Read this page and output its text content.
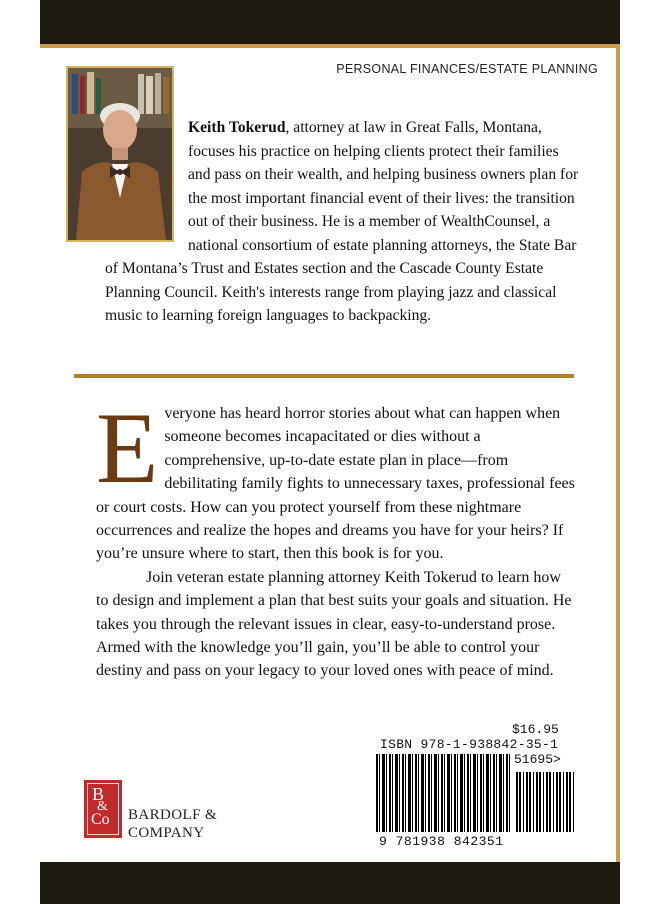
PERSONAL FINANCES/ESTATE PLANNING

Keith Tokerud, attorney at law in Great Falls, Montana, focuses his practice on helping clients protect their families and pass on their wealth, and helping business owners plan for the most important financial event of their lives: the transition out of their business. He is a member of WealthCounsel, a national consortium of estate planning attorneys, the State Bar of Montana’s Trust and Estates section and the Cascade County Estate Planning Council. Keith's interests range from playing jazz and classical music to learning foreign languages to backpacking.

E veryone has heard horror stories about what can happen when someone becomes incapacitated or dies without a comprehensive, up-to-date estate plan in place—from debilitating family fights to unnecessary taxes, professional fees or court costs. How can you protect yourself from these nightmare occurrences and realize the hopes and dreams you have for your heirs? If you’re unsure where to start, then this book is for you.

Join veteran estate planning attorney Keith Tokerud to learn how to design and implement a plan that best suits your goals and situation. He takes you through the relevant issues in clear, easy-to-understand prose. Armed with the knowledge you’ll gain, you’ll be able to control your destiny and pass on your legacy to your loved ones with peace of mind.

B
&
Co BARDOLF &
COMPANY
$16.95
ISBN 978-1-938842-35-1
51695>
9 781938 842351
